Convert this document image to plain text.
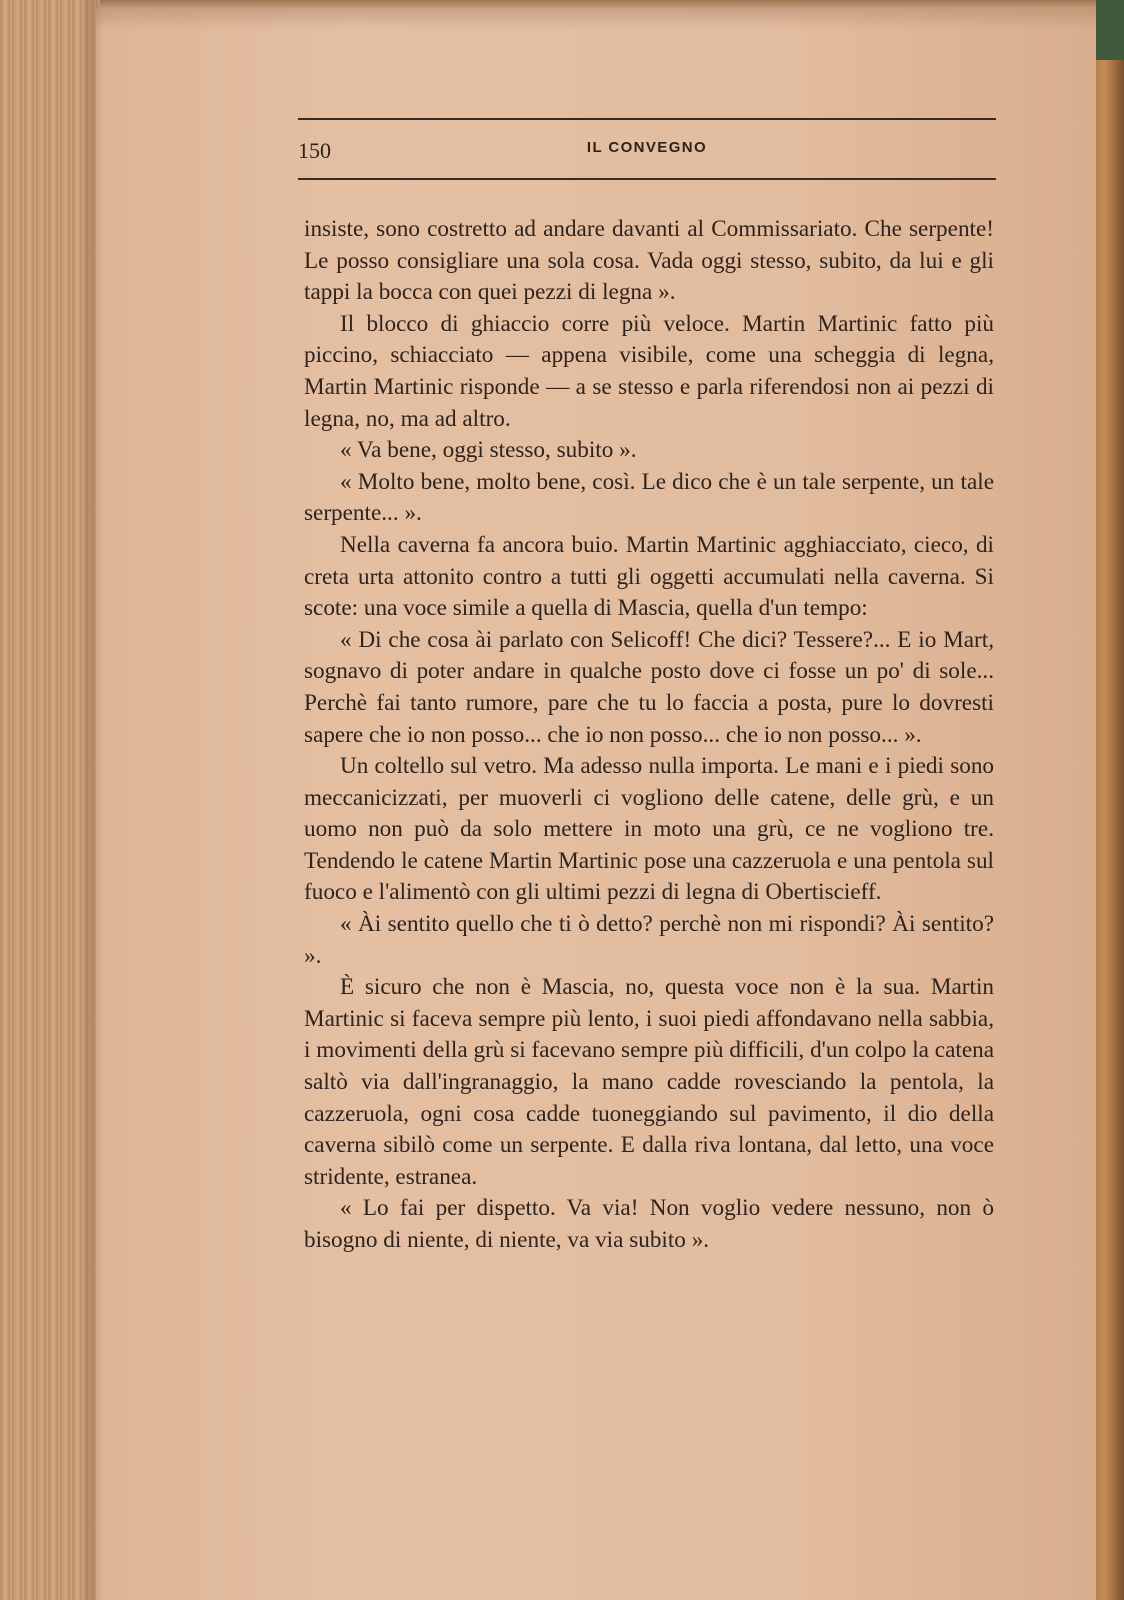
150	IL CONVEGNO

insiste, sono costretto ad andare davanti al Commissariato. Che serpente! Le posso consigliare una sola cosa. Vada oggi stesso, subito, da lui e gli tappi la bocca con quei pezzi di legna ».

Il blocco di ghiaccio corre più veloce. Martin Martinic fatto più piccino, schiacciato — appena visibile, come una scheggia di legna, Martin Martinic risponde — a se stesso e parla riferendosi non ai pezzi di legna, no, ma ad altro.

« Va bene, oggi stesso, subito ».

« Molto bene, molto bene, così. Le dico che è un tale serpente, un tale serpente... ».

Nella caverna fa ancora buio. Martin Martinic agghiacciato, cieco, di creta urta attonito contro a tutti gli oggetti accumulati nella caverna. Si scote: una voce simile a quella di Mascia, quella d'un tempo:

« Di che cosa ài parlato con Selicoff! Che dici? Tessere?... E io Mart, sognavo di poter andare in qualche posto dove ci fosse un po' di sole... Perchè fai tanto rumore, pare che tu lo faccia a posta, pure lo dovresti sapere che io non posso... che io non posso... che io non posso... ».

Un coltello sul vetro. Ma adesso nulla importa. Le mani e i piedi sono meccanicizzati, per muoverli ci vogliono delle catene, delle grù, e un uomo non può da solo mettere in moto una grù, ce ne vogliono tre. Tendendo le catene Martin Martinic pose una cazzeruola e una pentola sul fuoco e l'alimentò con gli ultimi pezzi di legna di Obertiscieff.

« Ài sentito quello che ti ò detto? perchè non mi rispondi? Ài sentito? ».

È sicuro che non è Mascia, no, questa voce non è la sua. Martin Martinic si faceva sempre più lento, i suoi piedi affondavano nella sabbia, i movimenti della grù si facevano sempre più difficili, d'un colpo la catena saltò via dall'ingranaggio, la mano cadde rovesciando la pentola, la cazzeruola, ogni cosa cadde tuoneggiando sul pavimento, il dio della caverna sibilò come un serpente. E dalla riva lontana, dal letto, una voce stridente, estranea.

« Lo fai per dispetto. Va via! Non voglio vedere nessuno, non ò bisogno di niente, di niente, va via subito ».
